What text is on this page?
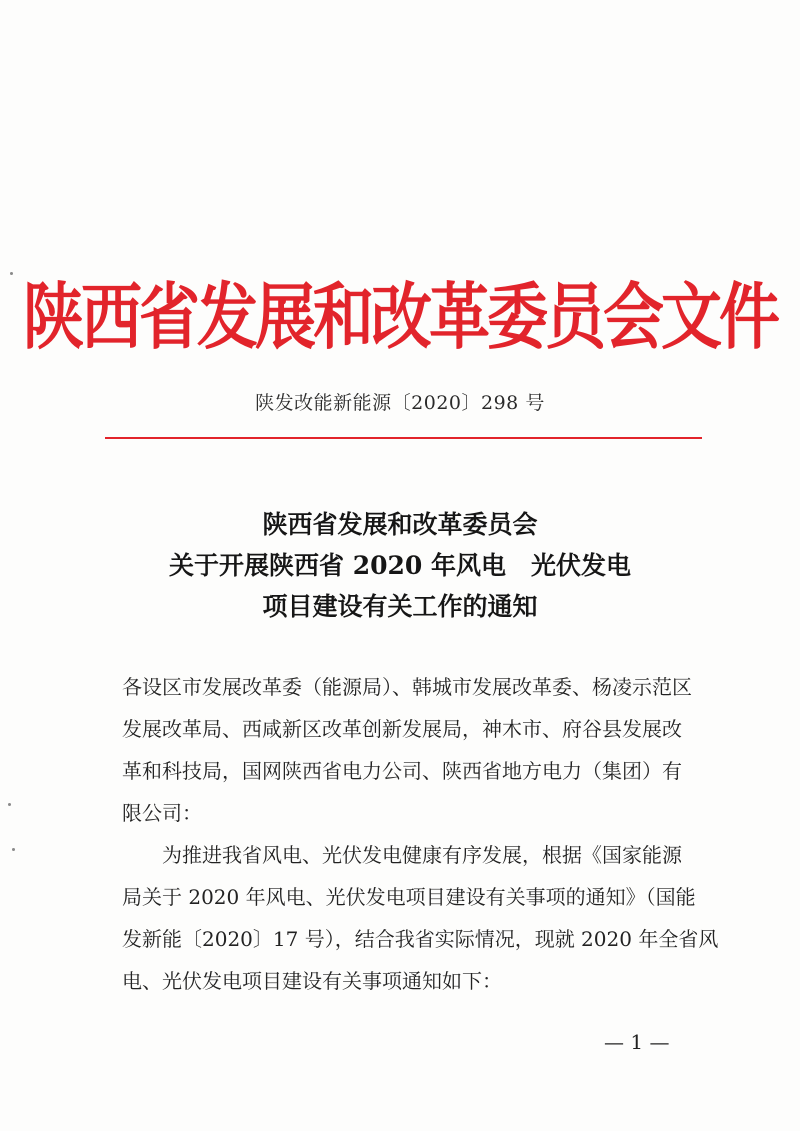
陕西省发展和改革委员会文件
陕发改能新能源〔2020〕298 号
陕西省发展和改革委员会
关于开展陕西省 2020 年风电　光伏发电
项目建设有关工作的通知
各设区市发展改革委（能源局）、韩城市发展改革委、杨凌示范区
发展改革局、西咸新区改革创新发展局，神木市、府谷县发展改
革和科技局，国网陕西省电力公司、陕西省地方电力（集团）有
限公司：
　　为推进我省风电、光伏发电健康有序发展，根据《国家能源
局关于 2020 年风电、光伏发电项目建设有关事项的通知》（国能
发新能〔2020〕17 号），结合我省实际情况，现就 2020 年全省风
电、光伏发电项目建设有关事项通知如下：
— 1 —
